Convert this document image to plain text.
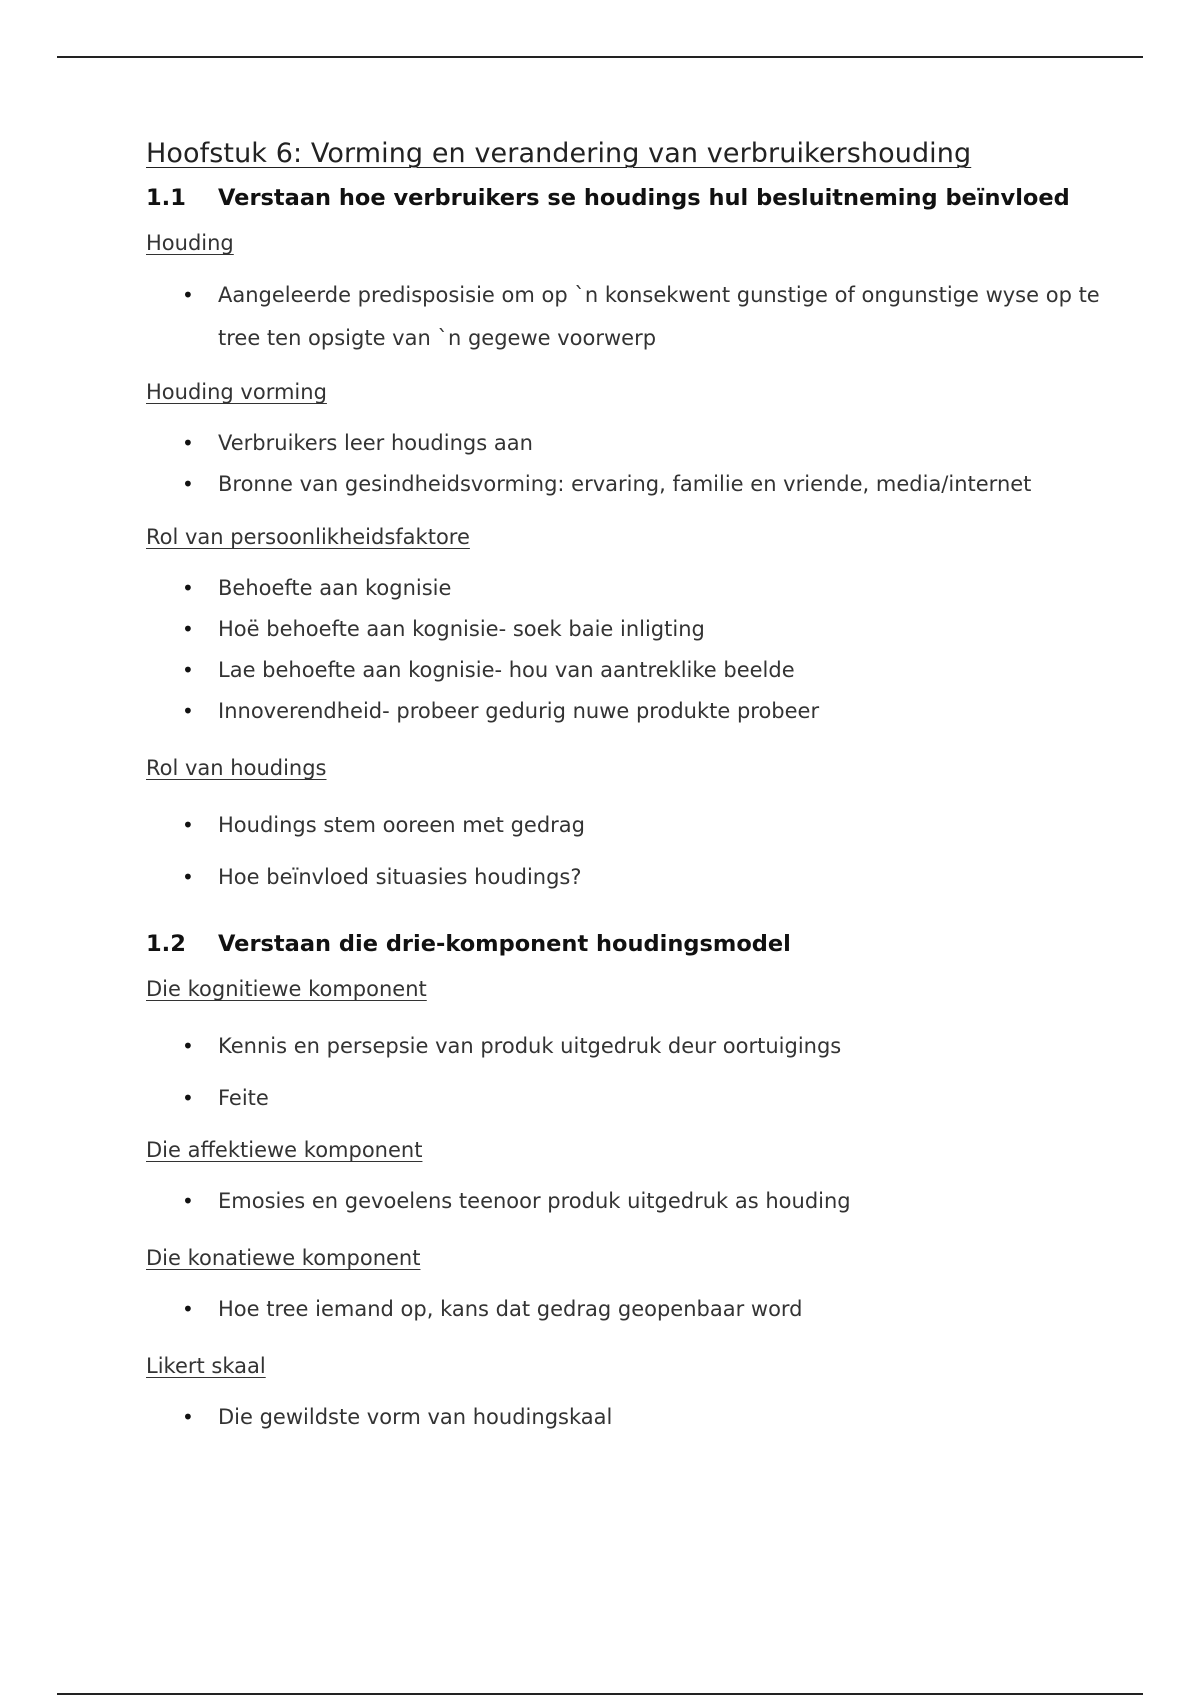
Hoofstuk 6: Vorming en verandering van verbruikershouding
1.1	Verstaan hoe verbruikers se houdings hul besluitneming beïnvloed
Houding
• Aangeleerde predisposisie om op `n konsekwent gunstige of ongunstige wyse op te tree ten opsigte van `n gegewe voorwerp
Houding vorming
• Verbruikers leer houdings aan
• Bronne van gesindheidsvorming: ervaring, familie en vriende, media/internet
Rol van persoonlikheidsfaktore
• Behoefte aan kognisie
• Hoë behoefte aan kognisie- soek baie inligting
• Lae behoefte aan kognisie- hou van aantreklike beelde
• Innoverendheid- probeer gedurig nuwe produkte probeer
Rol van houdings
• Houdings stem ooreen met gedrag
• Hoe beïnvloed situasies houdings?
1.2	Verstaan die drie-komponent houdingsmodel
Die kognitiewe komponent
• Kennis en persepsie van produk uitgedruk deur oortuigings
• Feite
Die affektiewe komponent
• Emosies en gevoelens teenoor produk uitgedruk as houding
Die konatiewe komponent
• Hoe tree iemand op, kans dat gedrag geopenbaar word
Likert skaal
• Die gewildste vorm van houdingskaal
